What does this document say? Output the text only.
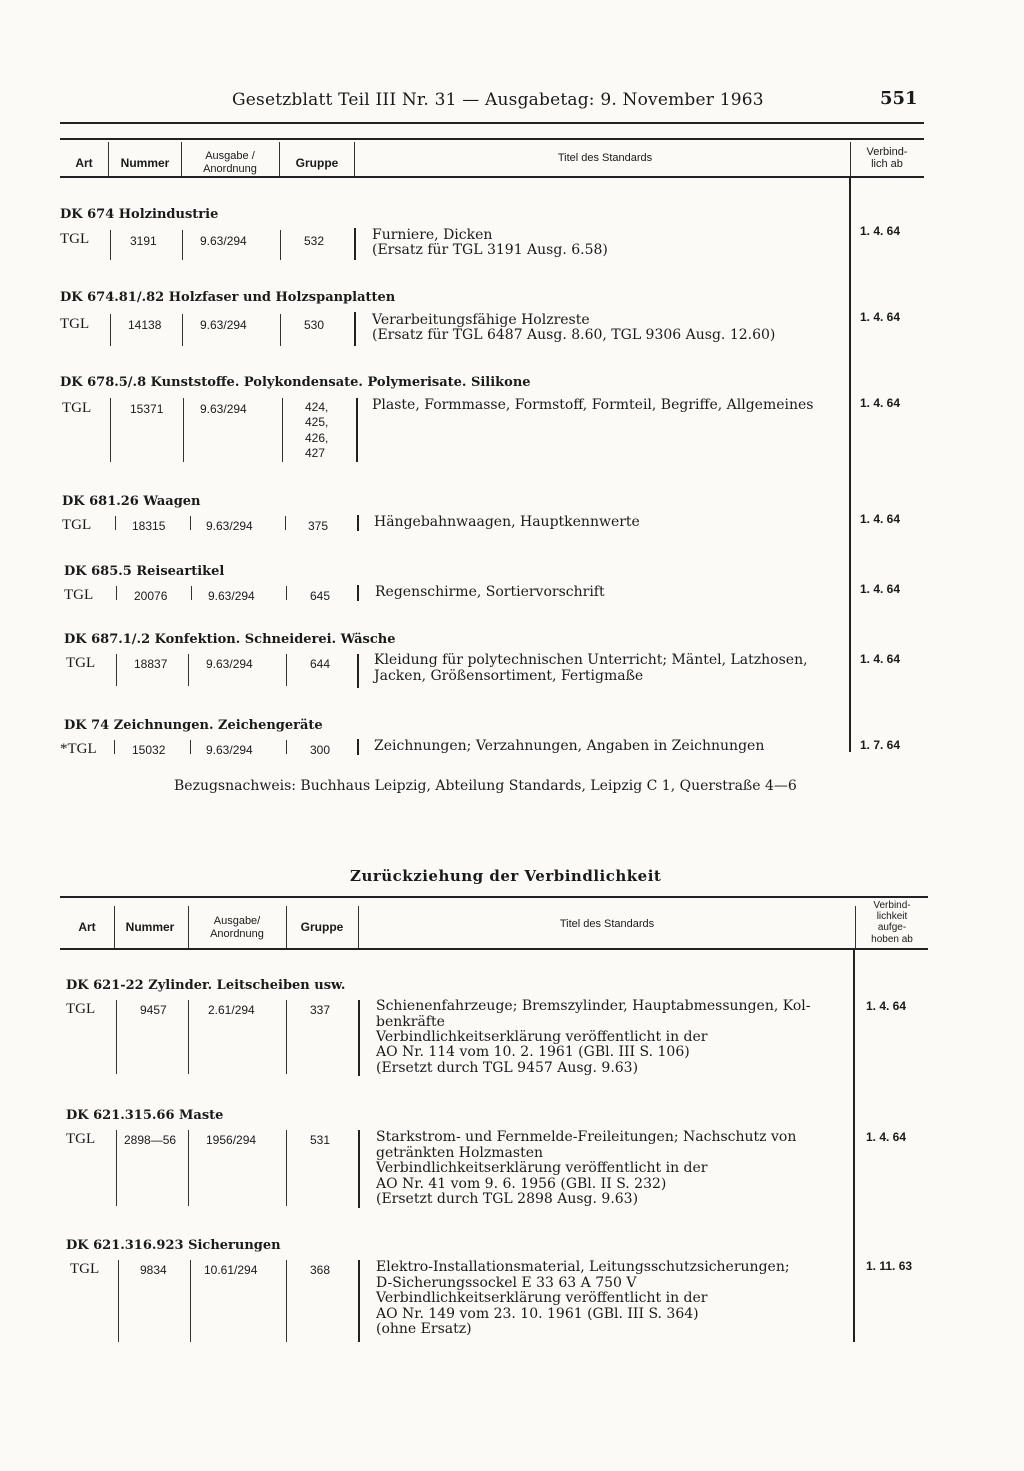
Gesetzblatt Teil III Nr. 31 — Ausgabetag: 9. November 1963	551
Art	Nummer	Ausgabe /
Anordnung	Gruppe	Titel des Standards	Verbind-
lich ab
DK 674 Holzindustrie
TGL	3191	9.63/294	532	Furniere, Dicken
(Ersatz für TGL 3191 Ausg. 6.58)
1. 4. 64
DK 674.81/.82 Holzfaser und Holzspanplatten
TGL	14138	9.63/294	530	Verarbeitungsfähige Holzreste
(Ersatz für TGL 6487 Ausg. 8.60, TGL 9306 Ausg. 12.60)
1. 4. 64
DK 678.5/.8 Kunststoffe. Polykondensate. Polymerisate. Silikone
TGL	15371	9.63/294	424,
425,
426,
427
Plaste, Formmasse, Formstoff, Formteil, Begriffe, Allgemeines	1. 4. 64
DK 681.26 Waagen
TGL	18315	9.63/294	375	Hängebahnwaagen, Hauptkennwerte	1. 4. 64
DK 685.5 Reiseartikel
TGL	20076	9.63/294	645	Regenschirme, Sortiervorschrift	1. 4. 64
DK 687.1/.2 Konfektion. Schneiderei. Wäsche
TGL	18837	9.63/294	644	Kleidung für polytechnischen Unterricht; Mäntel, Latzhosen,
Jacken, Größensortiment, Fertigmaße
1. 4. 64
DK 74 Zeichnungen. Zeichengeräte
*TGL	15032	9.63/294	300	Zeichnungen; Verzahnungen, Angaben in Zeichnungen	1. 7. 64
Bezugsnachweis: Buchhaus Leipzig, Abteilung Standards, Leipzig C 1, Querstraße 4—6
Zurückziehung der Verbindlichkeit
Art	Nummer	Ausgabe/
Anordnung	Gruppe	Titel des Standards
Verbind-
lichkeit
aufge-
hoben ab
DK 621-22 Zylinder. Leitscheiben usw.
TGL	9457	2.61/294	337	Schienenfahrzeuge; Bremszylinder, Hauptabmessungen, Kol-
benkräfte
Verbindlichkeitserklärung veröffentlicht in der
AO Nr. 114 vom 10. 2. 1961 (GBl. III S. 106)
(Ersetzt durch TGL 9457 Ausg. 9.63)
1. 4. 64
DK 621.315.66 Maste
TGL 2898—56 1956/294	531	Starkstrom- und Fernmelde-Freileitungen; Nachschutz von
getränkten Holzmasten
Verbindlichkeitserklärung veröffentlicht in der
AO Nr. 41 vom 9. 6. 1956 (GBl. II S. 232)
(Ersetzt durch TGL 2898 Ausg. 9.63)
1. 4. 64
DK 621.316.923 Sicherungen
TGL	9834	10.61/294	368	Elektro-Installationsmaterial, Leitungsschutzsicherungen;
D-Sicherungssockel E 33 63 A 750 V
Verbindlichkeitserklärung veröffentlicht in der
AO Nr. 149 vom 23. 10. 1961 (GBl. III S. 364)
(ohne Ersatz)
1. 11. 63
